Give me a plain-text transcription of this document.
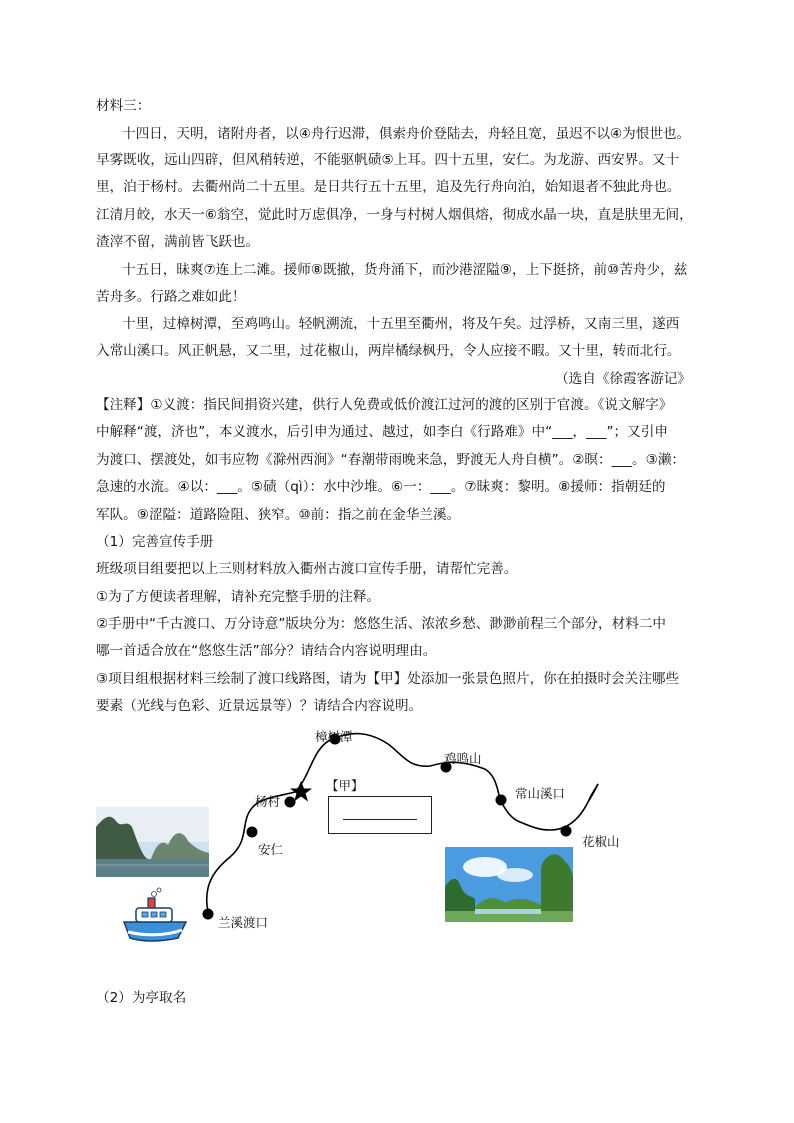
材料三：
十四日，天明，诸附舟者，以④舟行迟滞，俱索舟价登陆去，舟轻且宽，虽迟不以④为恨世也。
早雾既收，远山四辟，但风稍转逆，不能驱帆碛⑤上耳。四十五里，安仁。为龙游、西安界。又十
里，泊于杨村。去衢州尚二十五里。是日共行五十五里，追及先行舟向泊，始知退者不独此舟也。
江清月皎，水天一⑥翁空，觉此时万虑俱净，一身与村树人烟俱熔，彻成水晶一块，直是肤里无间，
渣滓不留，满前皆飞跃也。
十五日，昧爽⑦连上二滩。援师⑧既撤，货舟涌下，而沙港涩隘⑨，上下挺挤，前⑩苦舟少，兹
苦舟多。行路之难如此！
十里，过樟树潭，至鸡鸣山。轻帆溯流，十五里至衢州，将及午矣。过浮桥，又南三里，遂西
入常山溪口。风正帆悬，又二里，过花椒山，两岸橘绿枫丹，令人应接不暇。又十里，转而北行。
（选自《徐霞客游记》
【注释】①义渡：指民间捐资兴建，供行人免费或低价渡江过河的渡的区别于官渡。《说文解字》
中解释“渡，济也”，本义渡水，后引申为通过、越过，如李白《行路难》中“___，___”；又引申
为渡口、摆渡处，如韦应物《滁州西涧》“春潮带雨晚来急，野渡无人舟自横”。②暝：___。③濑：
急速的水流。④以：___。⑤碛（qì）：水中沙堆。⑥一：___。⑦昧爽：黎明。⑧援师：指朝廷的
军队。⑨涩隘：道路险阻、狭窄。⑩前：指之前在金华兰溪。
（1）完善宣传手册
班级项目组要把以上三则材料放入衢州古渡口宣传手册，请帮忙完善。
①为了方便读者理解，请补充完整手册的注释。
②手册中“千古渡口、万分诗意”版块分为：悠悠生活、浓浓乡愁、渺渺前程三个部分，材料二中
哪一首适合放在“悠悠生活”部分？请结合内容说明理由。
③项目组根据材料三绘制了渡口线路图，请为【甲】处添加一张景色照片，你在拍摄时会关注哪些
要素（光线与色彩、近景远景等）？请结合内容说明。
【甲】
樟树潭
鸡鸣山
常山溪口
花椒山
杨村
安仁
兰溪渡口
（2）为亭取名
